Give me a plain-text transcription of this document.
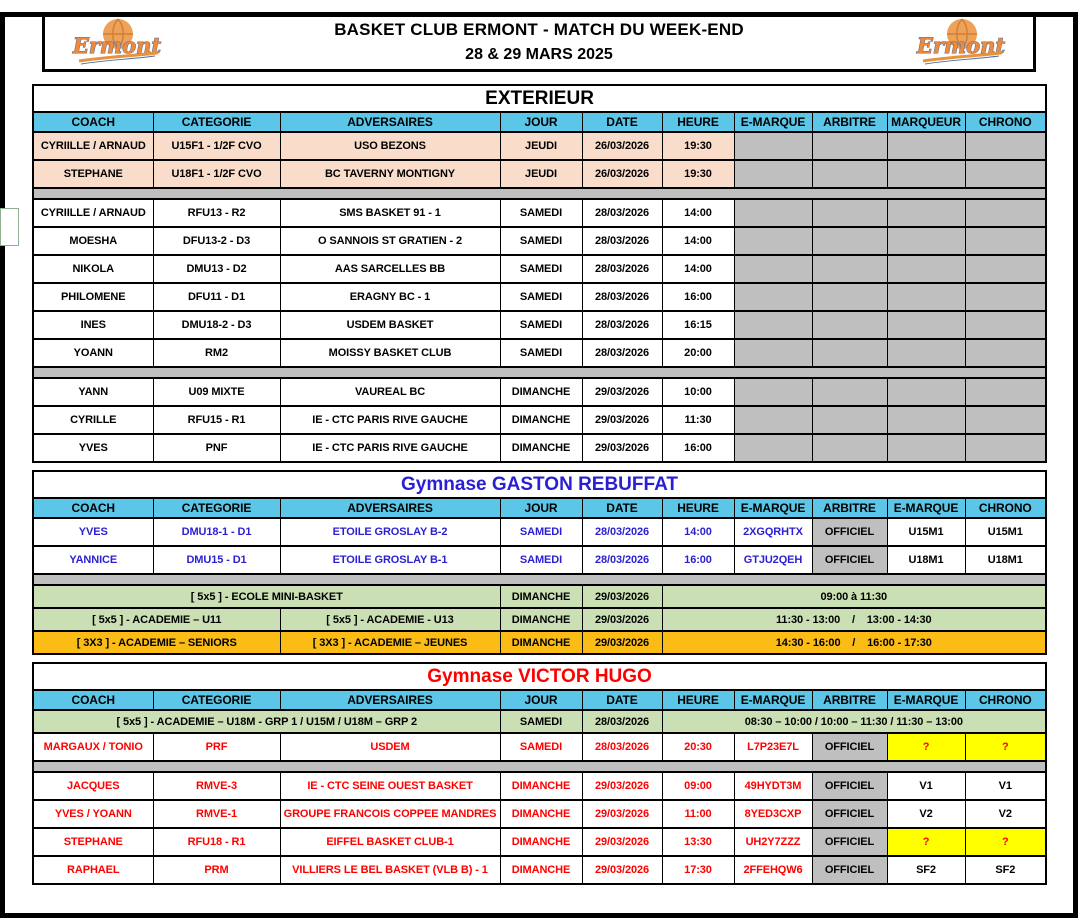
Ermont
BASKET CLUB ERMONT - MATCH DU WEEK-END
28 & 29 MARS 2025	Ermont
EXTERIEUR									
COACH	CATEGORIE	ADVERSAIRES	JOUR	DATE	HEURE	E-MARQUE	ARBITRE	MARQUEUR	CHRONO
CYRIILLE / ARNAUD	U15F1 - 1/2F CVO	USO BEZONS	JEUDI	26/03/2026	19:30				
STEPHANE	U18F1 - 1/2F CVO	BC TAVERNY MONTIGNY	JEUDI	26/03/2026	19:30				

CYRIILLE / ARNAUD	RFU13 - R2	SMS BASKET 91 - 1	SAMEDI	28/03/2026	14:00				
MOESHA	DFU13-2 - D3	O SANNOIS ST GRATIEN - 2	SAMEDI	28/03/2026	14:00				
NIKOLA	DMU13 - D2	AAS SARCELLES BB	SAMEDI	28/03/2026	14:00				
PHILOMENE	DFU11 - D1	ERAGNY BC - 1	SAMEDI	28/03/2026	16:00				
INES	DMU18-2 - D3	USDEM BASKET	SAMEDI	28/03/2026	16:15				
YOANN	RM2	MOISSY BASKET CLUB	SAMEDI	28/03/2026	20:00				

YANN	U09 MIXTE	VAUREAL BC	DIMANCHE	29/03/2026	10:00				
CYRILLE	RFU15 - R1	IE - CTC PARIS RIVE GAUCHE	DIMANCHE	29/03/2026	11:30				
YVES	PNF	IE - CTC PARIS RIVE GAUCHE	DIMANCHE	29/03/2026	16:00				
Gymnase GASTON REBUFFAT									
COACH	CATEGORIE	ADVERSAIRES	JOUR	DATE	HEURE	E-MARQUE	ARBITRE	E-MARQUE	CHRONO
YVES	DMU18-1 - D1	ETOILE GROSLAY B-2	SAMEDI	28/03/2026	14:00	2XGQRHTX	OFFICIEL	U15M1	U15M1
YANNICE	DMU15 - D1	ETOILE GROSLAY B-1	SAMEDI	28/03/2026	16:00	GTJU2QEH	OFFICIEL	U18M1	U18M1

[ 5x5 ] - ECOLE MINI-BASKET			DIMANCHE	29/03/2026	09:00 à 11:30				
[ 5x5 ] - ACADEMIE – U11		[ 5x5 ] - ACADEMIE - U13	DIMANCHE	29/03/2026	11:30 - 13:00    /    13:00 - 14:30				
[ 3X3 ] - ACADEMIE – SENIORS		[ 3X3 ] - ACADEMIE – JEUNES	DIMANCHE	29/03/2026	14:30 - 16:00    /    16:00 - 17:30				
Gymnase VICTOR HUGO									
COACH	CATEGORIE	ADVERSAIRES	JOUR	DATE	HEURE	E-MARQUE	ARBITRE	E-MARQUE	CHRONO
[ 5x5 ] - ACADEMIE – U18M - GRP 1 / U15M / U18M – GRP 2			SAMEDI	28/03/2026	08:30 – 10:00 / 10:00 – 11:30 / 11:30 – 13:00				
MARGAUX / TONIO	PRF	USDEM	SAMEDI	28/03/2026	20:30	L7P23E7L	OFFICIEL	?	?

JACQUES	RMVE-3	IE - CTC SEINE OUEST BASKET	DIMANCHE	29/03/2026	09:00	49HYDT3M	OFFICIEL	V1	V1
YVES / YOANN	RMVE-1	GROUPE FRANCOIS COPPEE MANDRES	DIMANCHE	29/03/2026	11:00	8YED3CXP	OFFICIEL	V2	V2
STEPHANE	RFU18 - R1	EIFFEL BASKET CLUB-1	DIMANCHE	29/03/2026	13:30	UH2Y7ZZZ	OFFICIEL	?	?
RAPHAEL	PRM	VILLIERS LE BEL BASKET (VLB B) - 1	DIMANCHE	29/03/2026	17:30	2FFEHQW6	OFFICIEL	SF2	SF2
